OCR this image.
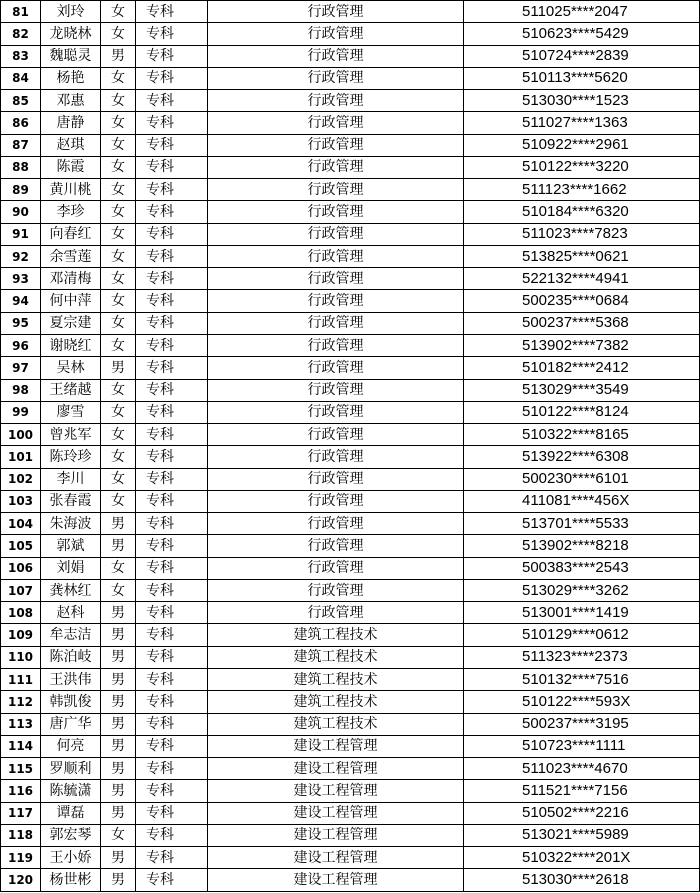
81	刘玲	女	专科	行政管理	511025****2047
82	龙晓林	女	专科	行政管理	510623****5429
83	魏聪灵	男	专科	行政管理	510724****2839
84	杨艳	女	专科	行政管理	510113****5620
85	邓惠	女	专科	行政管理	513030****1523
86	唐静	女	专科	行政管理	511027****1363
87	赵琪	女	专科	行政管理	510922****2961
88	陈霞	女	专科	行政管理	510122****3220
89	黄川桃	女	专科	行政管理	511123****1662
90	李珍	女	专科	行政管理	510184****6320
91	向春红	女	专科	行政管理	511023****7823
92	余雪莲	女	专科	行政管理	513825****0621
93	邓清梅	女	专科	行政管理	522132****4941
94	何中萍	女	专科	行政管理	500235****0684
95	夏宗建	女	专科	行政管理	500237****5368
96	谢晓红	女	专科	行政管理	513902****7382
97	吴林	男	专科	行政管理	510182****2412
98	王绪越	女	专科	行政管理	513029****3549
99	廖雪	女	专科	行政管理	510122****8124
100	曾兆军	女	专科	行政管理	510322****8165
101	陈玲珍	女	专科	行政管理	513922****6308
102	李川	女	专科	行政管理	500230****6101
103	张春霞	女	专科	行政管理	411081****456X
104	朱海波	男	专科	行政管理	513701****5533
105	郭斌	男	专科	行政管理	513902****8218
106	刘娟	女	专科	行政管理	500383****2543
107	龚林红	女	专科	行政管理	513029****3262
108	赵科	男	专科	行政管理	513001****1419
109	牟志洁	男	专科	建筑工程技术	510129****0612
110	陈泊岐	男	专科	建筑工程技术	511323****2373
111	王洪伟	男	专科	建筑工程技术	510132****7516
112	韩凯俊	男	专科	建筑工程技术	510122****593X
113	唐广华	男	专科	建筑工程技术	500237****3195
114	何亮	男	专科	建设工程管理	510723****1111
115	罗顺利	男	专科	建设工程管理	511023****4670
116	陈毓潇	男	专科	建设工程管理	511521****7156
117	谭磊	男	专科	建设工程管理	510502****2216
118	郭宏琴	女	专科	建设工程管理	513021****5989
119	王小娇	男	专科	建设工程管理	510322****201X
120	杨世彬	男	专科	建设工程管理	513030****2618
